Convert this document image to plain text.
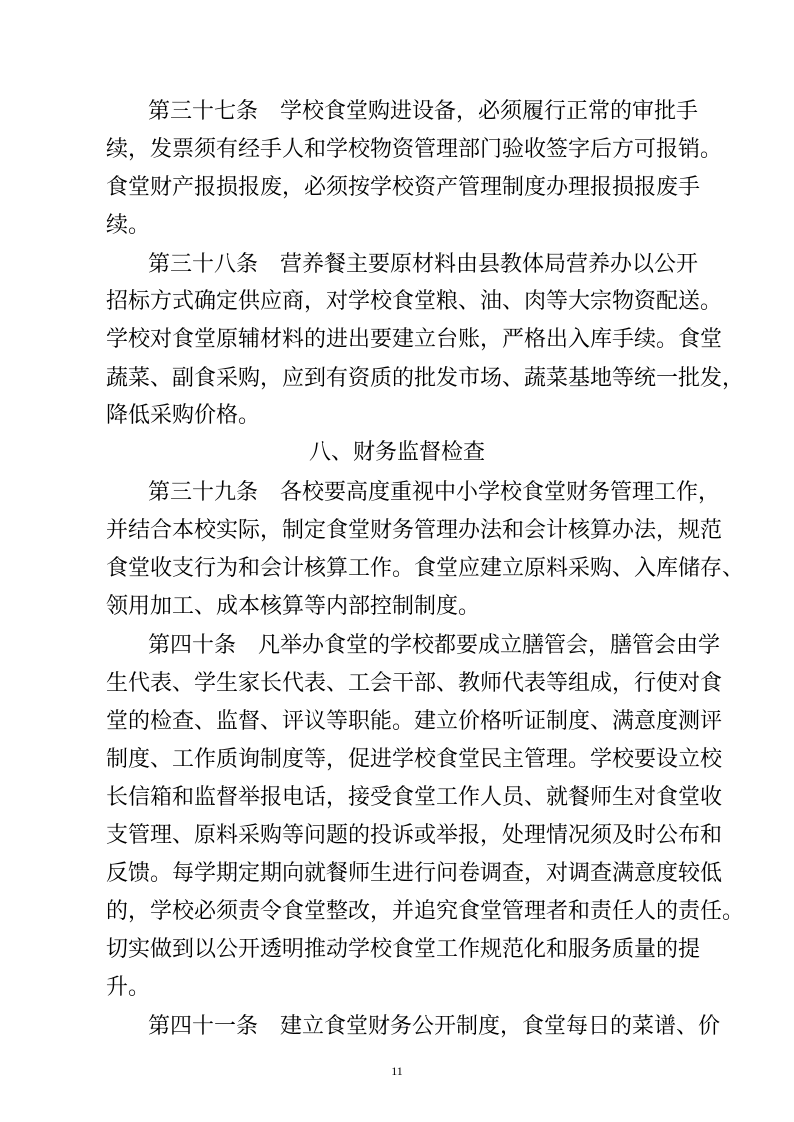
第三十七条　学校食堂购进设备，必须履行正常的审批手
续，发票须有经手人和学校物资管理部门验收签字后方可报销。
食堂财产报损报废，必须按学校资产管理制度办理报损报废手
续。
第三十八条　营养餐主要原材料由县教体局营养办以公开
招标方式确定供应商，对学校食堂粮、油、肉等大宗物资配送。
学校对食堂原辅材料的进出要建立台账，严格出入库手续。食堂
蔬菜、副食采购，应到有资质的批发市场、蔬菜基地等统一批发，
降低采购价格。
八、财务监督检查
第三十九条　各校要高度重视中小学校食堂财务管理工作，
并结合本校实际，制定食堂财务管理办法和会计核算办法，规范
食堂收支行为和会计核算工作。食堂应建立原料采购、入库储存、
领用加工、成本核算等内部控制制度。
第四十条　凡举办食堂的学校都要成立膳管会，膳管会由学
生代表、学生家长代表、工会干部、教师代表等组成，行使对食
堂的检查、监督、评议等职能。建立价格听证制度、满意度测评
制度、工作质询制度等，促进学校食堂民主管理。学校要设立校
长信箱和监督举报电话，接受食堂工作人员、就餐师生对食堂收
支管理、原料采购等问题的投诉或举报，处理情况须及时公布和
反馈。每学期定期向就餐师生进行问卷调查，对调查满意度较低
的，学校必须责令食堂整改，并追究食堂管理者和责任人的责任。
切实做到以公开透明推动学校食堂工作规范化和服务质量的提
升。
第四十一条　建立食堂财务公开制度，食堂每日的菜谱、价
11
